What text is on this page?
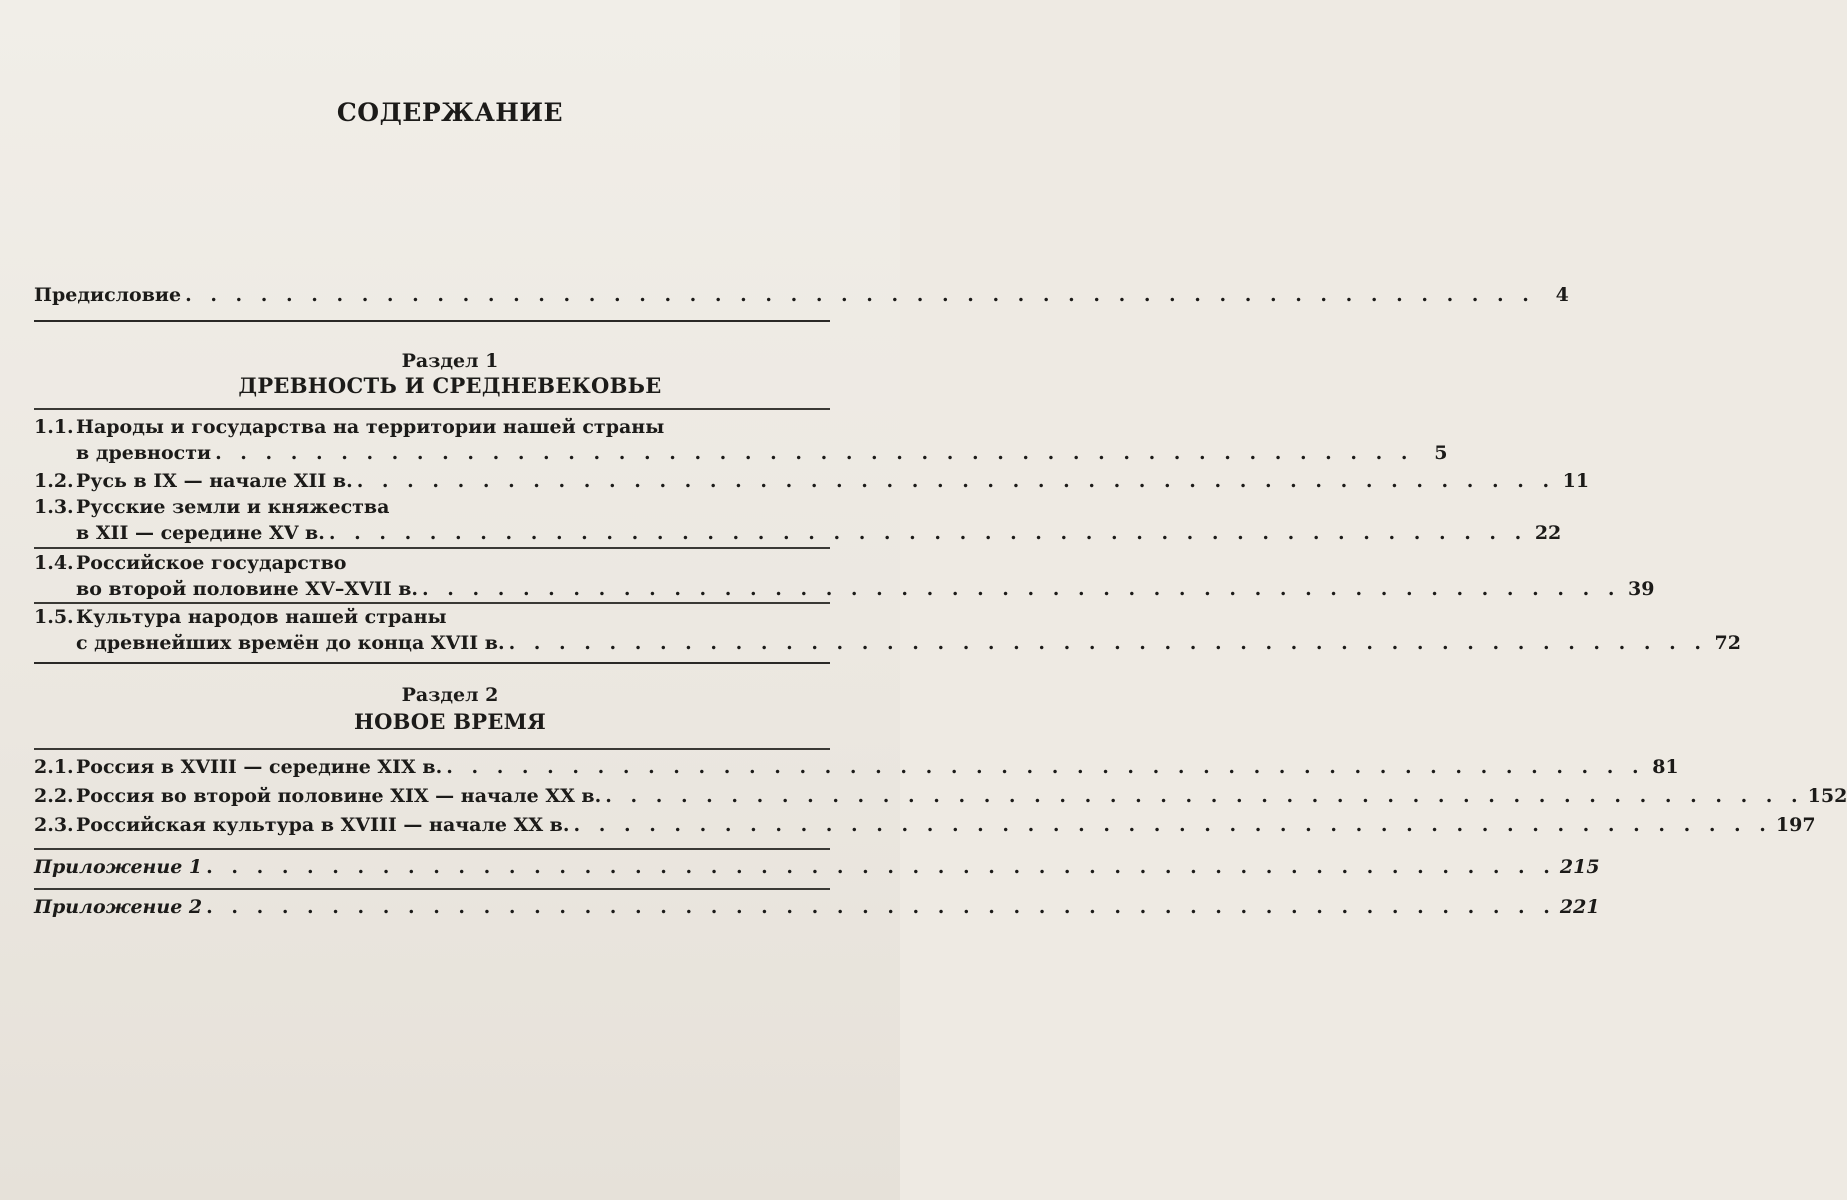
СОДЕРЖАНИЕ
Предисловие . . . . . . . . . . . . . . . . . . . . . . . . . . . . . . . . . . . . . . . . . . . . . . . . . . . . . .	4
Раздел 1
ДРЕВНОСТЬ И СРЕДНЕВЕКОВЬЕ
1.1. Народы и государства на территории нашей страны
в древности . . . . . . . . . . . . . . . . . . . . . . . . . . . . . . . . . . . . . . . . . . . . . . . .	5
1.2. Русь в IX — начале XII в. . . . . . . . . . . . . . . . . . . . . . . . . . . . . . . . . . . . . . . . . . . . . . . . . 11
1.3. Русские земли и княжества
в XII — середине XV в. . . . . . . . . . . . . . . . . . . . . . . . . . . . . . . . . . . . . . . . . . . . . . . . . 22
1.4. Российское государство
во второй половине XV–XVII в. . . . . . . . . . . . . . . . . . . . . . . . . . . . . . . . . . . . . . . . . . . . . . . . . 39
1.5. Культура народов нашей страны
с древнейших времён до конца XVII в. . . . . . . . . . . . . . . . . . . . . . . . . . . . . . . . . . . . . . . . . . . . . . . . . 72
Раздел 2
НОВОЕ ВРЕМЯ
2.1. Россия в XVIII — середине XIX в. . . . . . . . . . . . . . . . . . . . . . . . . . . . . . . . . . . . . . . . . . . . . . . . . 81
2.2. Россия во второй половине XIX — начале XX в. . . . . . . . . . . . . . . . . . . . . . . . . . . . . . . . . . . . . . . . . . . . . . . . . 152
2.3. Российская культура в XVIII — начале XX в. . . . . . . . . . . . . . . . . . . . . . . . . . . . . . . . . . . . . . . . . . . . . . . . . 197
Приложение 1 . . . . . . . . . . . . . . . . . . . . . . . . . . . . . . . . . . . . . . . . . . . . . . . . . . . . . . 215
Приложение 2 . . . . . . . . . . . . . . . . . . . . . . . . . . . . . . . . . . . . . . . . . . . . . . . . . . . . . . 221
